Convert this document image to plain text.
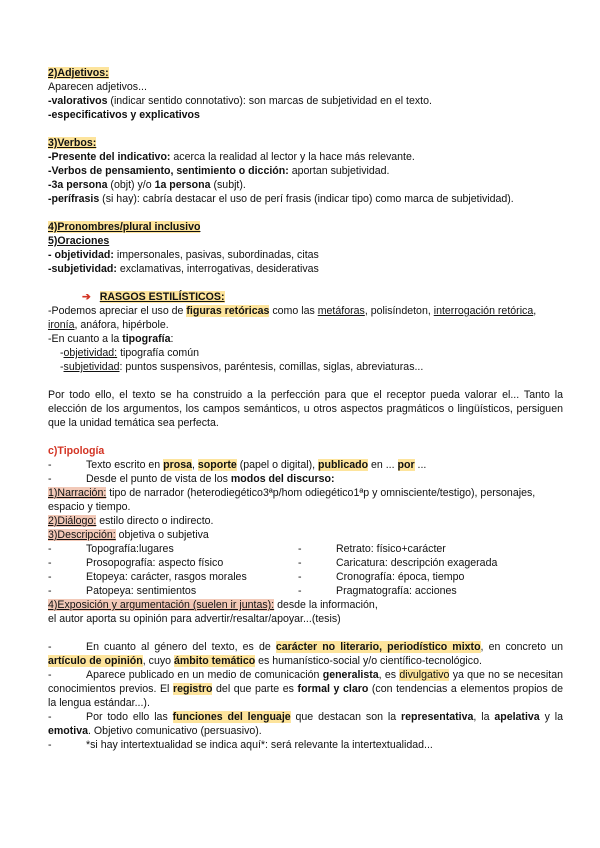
2)Adjetivos:
Aparecen adjetivos...
-valorativos (indicar sentido connotativo): son marcas de subjetividad en el texto.
-especificativos y explicativos
3)Verbos:
-Presente del indicativo: acerca la realidad al lector y la hace más relevante.
-Verbos de pensamiento, sentimiento o dicción: aportan subjetividad.
-3a persona (objt) y/o 1a persona (subjt).
-perífrasis (si hay): cabría destacar el uso de perí frasis (indicar tipo) como marca de subjetividad).
4)Pronombres/plural inclusivo
5)Oraciones
- objetividad: impersonales, pasivas, subordinadas, citas
-subjetividad: exclamativas, interrogativas, desiderativas
➔ RASGOS ESTILÍSTICOS:
-Podemos apreciar el uso de figuras retóricas como las metáforas, polisíndeton, interrogación retórica,
ironía, anáfora, hipérbole.
-En cuanto a la tipografía:
-objetividad: tipografía común
-subjetividad: puntos suspensivos, paréntesis, comillas, siglas, abreviaturas...
Por todo ello, el texto se ha construido a la perfección para que el receptor pueda valorar el... Tanto la elección de los argumentos, los campos semánticos, u otros aspectos pragmáticos o lingüísticos, persiguen que la unidad temática sea perfecta.
c)Tipología
-	Texto escrito en prosa, soporte (papel o digital), publicado en ... por ...
-	Desde el punto de vista de los modos del discurso:
1)Narración: tipo de narrador (heterodiegético3ªp/hom odiegético1ªp y omnisciente/testigo), personajes, espacio y tiempo.
2)Diálogo: estilo directo o indirecto.
3)Descripción: objetiva o subjetiva
-	Topografía:lugares	-	Retrato: físico+carácter
-	Prosopografía: aspecto físico	-	Caricatura: descripción exagerada
-	Etopeya: carácter, rasgos morales	-	Cronografía: época, tiempo
-	Patopeya: sentimientos	-	Pragmatografía: acciones
4)Exposición y argumentación (suelen ir juntas): desde la información,
el autor aporta su opinión para advertir/resaltar/apoyar...(tesis)
-	En cuanto al género del texto, es de carácter no literario, periodístico mixto, en concreto un artículo de opinión, cuyo ámbito temático es humanístico-social y/o científico-tecnológico.
-	Aparece publicado en un medio de comunicación generalista, es divulgativo ya que no se necesitan conocimientos previos. El registro del que parte es formal y claro (con tendencias a elementos propios de la lengua estándar...).
-	Por todo ello las funciones del lenguaje que destacan son la representativa, la apelativa y la emotiva. Objetivo comunicativo (persuasivo).
-	*si hay intertextualidad se indica aquí*: será relevante la intertextualidad...
